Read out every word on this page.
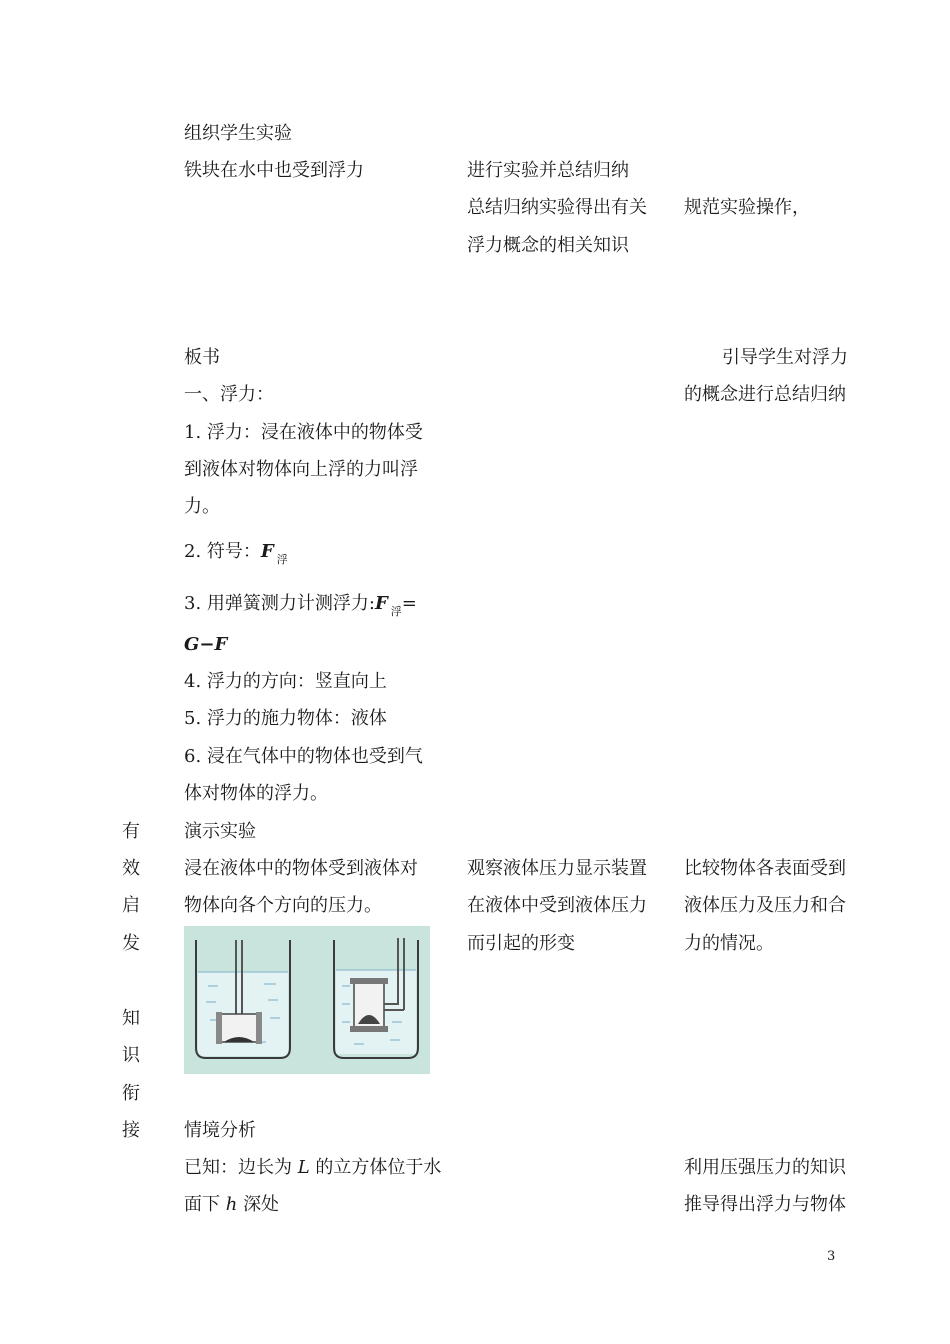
有
效
启
发
知
识
衔
接
组织学生实验
铁块在水中也受到浮力	进行实验并总结归纳
总结归纳实验得出有关
浮力概念的相关知识
规范实验操作，
板书	引导学生对浮力
的概念进行总结归纳
一、浮力：
1. 浮力：浸在液体中的物体受
到液体对物体向上浮的力叫浮
力。
2. 符号：F $_浮$
3. 用弹簧测力计测浮力:F $_浮$=
G−F
4. 浮力的方向：竖直向上
5. 浮力的施力物体：液体
6. 浸在气体中的物体也受到气
体对物体的浮力。
演示实验
浸在液体中的物体受到液体对
物体向各个方向的压力。
观察液体压力显示装置
在液体中受到液体压力
而引起的形变
比较物体各表面受到
液体压力及压力和合
力的情况。
情境分析
已知：边长为 L 的立方体位于水
面下 h 深处
利用压强压力的知识
推导得出浮力与物体
3
